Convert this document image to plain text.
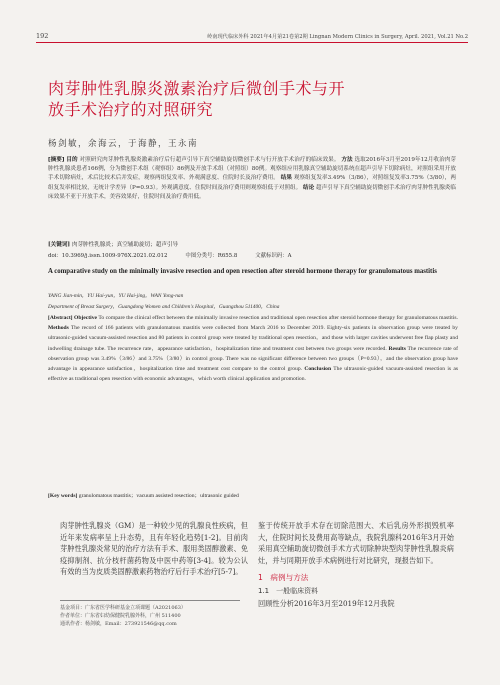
192	岭南现代临床外科 2021年4月第21卷第2期 Lingnan Modern Clinics in Surgery, April. 2021, Vol.21 No.2
肉芽肿性乳腺炎激素治疗后微创手术与开
放手术治疗的对照研究
杨剑敏，余海云，于海静，王永南
[摘要] 目的 对照研究肉芽肿性乳腺炎激素治疗后行超声引导下真空辅助旋切微创手术与行开放手术治疗的临床效果。 方法 选取2016年3月至2019年12月收治肉芽肿性乳腺炎患者166例，分为微创手术组（观察组）86例及开放手术组（对照组）80例。观察组应用乳腺真空辅助旋切系统在超声引导下切除病灶，对照组采用开放手术切除病灶，术后比较术后并发症，观察两组复发率、外观满意度、住院时长及治疗费用。 结果 观察组复发率3.49%（3/86），对照组复发率3.75%（3/80），两组复发率相比较，无统计学差异（P=0.93）。外观满意度、住院时间及治疗费用则观察组低于对照组。 结论 超声引导下真空辅助旋切微创手术治疗肉芽肿性乳腺炎临床效果不亚于开放手术，美容效果好，住院时间及治疗费用低。
[关键词] 肉芽肿性乳腺炎；真空辅助旋切；超声引导
doi：10.3969/j.issn.1009-976X.2021.02.012	中图分类号：R655.8	文献标识码：A
A comparative study on the minimally invasive resection and open resection after steroid hormone therapy for granulomatous mastitis
YANG Jian-min，YU Hai-yun，YU Hai-jing，WAN Yong-nan
Department of Breast Surgery，Guangdong Women and Children's Hospital，Guangzhou 511400，China
[Abstract] Objective To compare the clinical effect between the minimally invasive resection and traditional open resection after steroid hormone therapy for granulomatous mastitis. Methods The record of 166 patients with granulomatous mastitis were collected from March 2016 to December 2019. Eighty-six patients in observation group were treated by ultrasonic-guided vacuum-assisted resection and 80 patients in control group were treated by traditional open resection，and those with larger cavities underwent free flap plasty and indwelling drainage tube. The recurrence rate，appearance satisfaction，hospitalization time and treatment cost between two groups were recorded. Results The recurrence rate of observation group was 3.49%（3/86）and 3.75%（3/80）in control group. There was no significant difference between two groups（P=0.93），and the observation group have advantage in appearance satisfaction，hospitalization time and treatment cost compare to the control group. Conclusion The ultrasonic-guided vacuum-assisted resection is as effective as traditional open resection with economic advantages，which worth clinical application and promotion.
[Key words] granulomatous mastitis；vacuum assisted resection；ultrasonic guided
肉芽肿性乳腺炎（GM）是一种较少见的乳腺良性疾病，但近年来发病率呈上升态势，且有年轻化趋势[1-2]。目前肉芽肿性乳腺炎常见的治疗方法有手术、服用类固醇激素、免疫抑制剂、抗分枝杆菌药物及中医中药等[3-4]。较为公认有效的当为皮质类固醇激素药物治疗后行手术治疗[5-7]。
鉴于传统开放手术存在切除范围大、术后乳房外形损毁机率大，住院时间长及费用高等缺点，我院乳腺科2016年3月开始采用真空辅助旋切微创手术方式切除肿块型肉芽肿性乳腺炎病灶，并与同期开放手术病例进行对比研究，现报告如下。
1　病例与方法
1.1　一般临床资料
回顾性分析2016年3月至2019年12月我院
基金项目：广东省医学科研基金立项课题（A2021063）
作者单位：广东省妇幼保健院乳腺外科，广州 511400
通讯作者：杨剑敏，Email：273921546@qq.com
